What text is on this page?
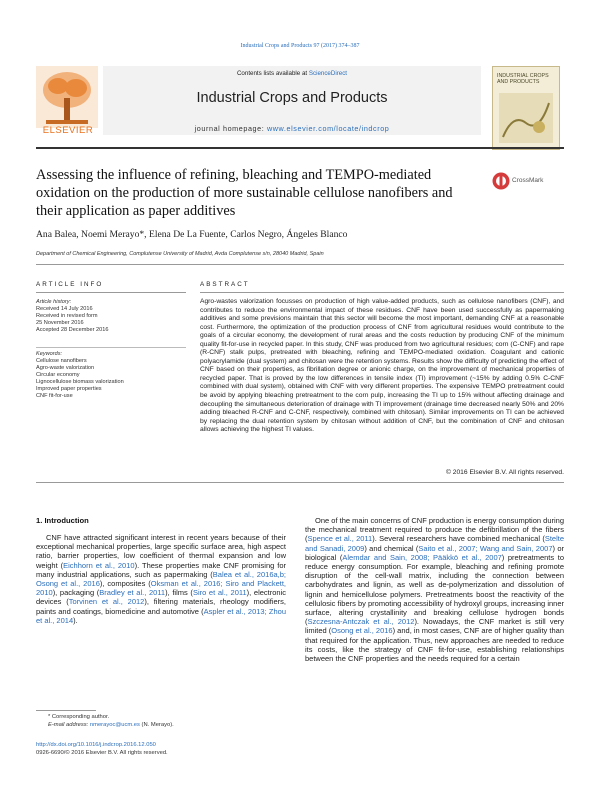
Industrial Crops and Products 97 (2017) 374–387
Contents lists available at ScienceDirect
Industrial Crops and Products
journal homepage: www.elsevier.com/locate/indcrop
ELSEVIER
INDUSTRIAL CROPS AND PRODUCTS
Assessing the influence of refining, bleaching and TEMPO-mediated oxidation on the production of more sustainable cellulose nanofibers and their application as paper additives
CrossMark
Ana Balea, Noemi Merayo*, Elena De La Fuente, Carlos Negro, Ángeles Blanco
Department of Chemical Engineering, Complutense University of Madrid, Avda Complutense s/n, 28040 Madrid, Spain
ARTICLE INFO	ABSTRACT
Article history:
Received 14 July 2016
Received in revised form
25 November 2016
Accepted 28 December 2016
Keywords:
Cellulose nanofibers
Agro-waste valorization
Circular economy
Lignocellulose biomass valorization
Improved paper properties
CNF fit-for-use
Agro-wastes valorization focusses on production of high value-added products, such as cellulose nanofibers (CNF), and contributes to reduce the environmental impact of these residues. CNF have been used successfully as papermaking additives and some previsions maintain that this sector will become the most important, demanding CNF at a reasonable cost. Furthermore, the optimization of the production process of CNF from agricultural residues would contribute to the goals of a circular economy, the development of rural areas and the costs reduction by producing CNF of the minimum quality fit-for-use in recycled paper. In this study, CNF was produced from two agricultural residues; corn (C-CNF) and rape (R-CNF) stalk pulps, pretreated with bleaching, refining and TEMPO-mediated oxidation. Coagulant and cationic polyacrylamide (dual system) and chitosan were the retention systems. Results show the difficulty of predicting the effect of CNF based on their properties, as fibrillation degree or anionic charge, on the improvement of mechanical properties of recycled paper. That is proved by the low differences in tensile index (TI) improvement (~15% by adding 0.5% C-CNF combined with dual system), obtained with CNF with very different properties. The expensive TEMPO pretreatment could be avoid by applying bleaching pretreatment to the corn pulp, increasing the TI up to 15% without affecting drainage and decoupling the simultaneous deterioration of drainage with TI improvement (drainage time decreased nearly 50% and 20% adding bleached R-CNF and C-CNF, respectively, combined with chitosan). Similar improvements on TI can be achieved by replacing the dual retention system by chitosan without addition of CNF, but the combination of CNF and chitosan allows achieving the highest TI values.
© 2016 Elsevier B.V. All rights reserved.
1. Introduction
CNF have attracted significant interest in recent years because of their exceptional mechanical properties, large specific surface area, high aspect ratio, barrier properties, low coefficient of thermal expansion and low weight (Eichhorn et al., 2010). These properties make CNF promising for many industrial applications, such as papermaking (Balea et al., 2016a,b; Osong et al., 2016), composites (Oksman et al., 2016; Siro and Plackett, 2010), packaging (Bradley et al., 2011), films (Siro et al., 2011), electronic devices (Torvinen et al., 2012), filtering materials, rheology modifiers, paints and coatings, biomedicine and automotive (Aspler et al., 2013; Zhou et al., 2014).
One of the main concerns of CNF production is energy consumption during the mechanical treatment required to produce the defibrillation of the fibers (Spence et al., 2011). Several researchers have combined mechanical (Stelte and Sanadi, 2009) and chemical (Saito et al., 2007; Wang and Sain, 2007) or biological (Alemdar and Sain, 2008; Pääkkö et al., 2007) pretreatments to reduce energy consumption. For example, bleaching and refining promote disruption of the cell-wall matrix, including the connection between carbohydrates and lignin, as well as de-polymerization and dissolution of lignin and hemicellulose polymers. Pretreatments boost the reactivity of the cellulosic fibers by promoting accessibility of hydroxyl groups, increasing inner surface, altering crystallinity and breaking cellulose hydrogen bonds (Szczesna-Antczak et al., 2012). Nowadays, the CNF market is still very limited (Osong et al., 2016) and, in most cases, CNF are of higher quality than that required for the application. Thus, new approaches are needed to reduce its costs, like the strategy of CNF fit-for-use, establishing relationships between the CNF properties and the needs required for a certain
* Corresponding author.
E-mail address: nmerayoc@ucm.es (N. Merayo).
http://dx.doi.org/10.1016/j.indcrop.2016.12.050
0926-6690/© 2016 Elsevier B.V. All rights reserved.
